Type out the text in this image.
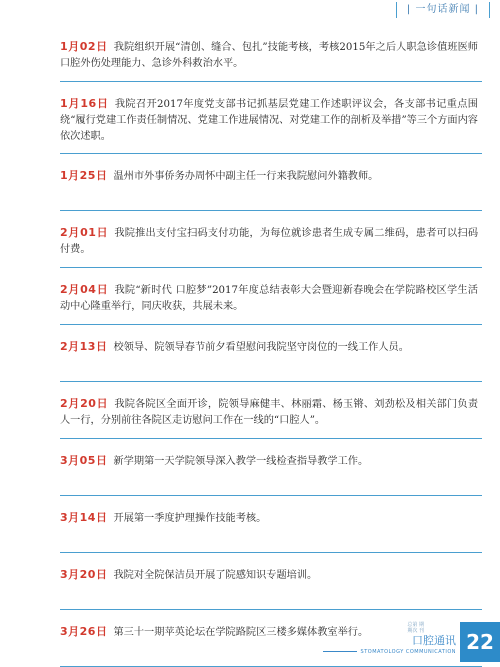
| 一句话新闻 |
1月02日 我院组织开展“清创、缝合、包扎”技能考核，考核2015年之后人职急诊值班医师口腔外伤处理能力、急诊外科救治水平。
1月16日 我院召开2017年度党支部书记抓基层党建工作述职评议会，各支部书记重点围绕“履行党建工作责任制情况、党建工作进展情况、对党建工作的剖析及举措”等三个方面内容依次述职。
1月25日 温州市外事侨务办周怀中副主任一行来我院慰问外籍教师。
2月01日 我院推出支付宝扫码支付功能，为每位就诊患者生成专属二维码，患者可以扫码付费。
2月04日 我院“新时代 口腔梦”2017年度总结表彰大会暨迎新春晚会在学院路校区学生活动中心隆重举行，同庆收获，共展未来。
2月13日 校领导、院领导春节前夕看望慰问我院坚守岗位的一线工作人员。
2月20日 我院各院区全面开诊，院领导麻健丰、林丽霜、杨玉锵、刘劲松及相关部门负责人一行，分别前往各院区走访慰问工作在一线的“口腔人”。
3月05日 新学期第一天学院领导深入教学一线检查指导教学工作。
3月14日 开展第一季度护理操作技能考核。
3月20日 我院对全院保洁员开展了院感知识专题培训。
3月26日 第三十一期苹英论坛在学院路院区三楼多媒体教室举行。
总第 期
期次 刊
口腔通讯
STOMATOLOGY COMMUNICATION 22
